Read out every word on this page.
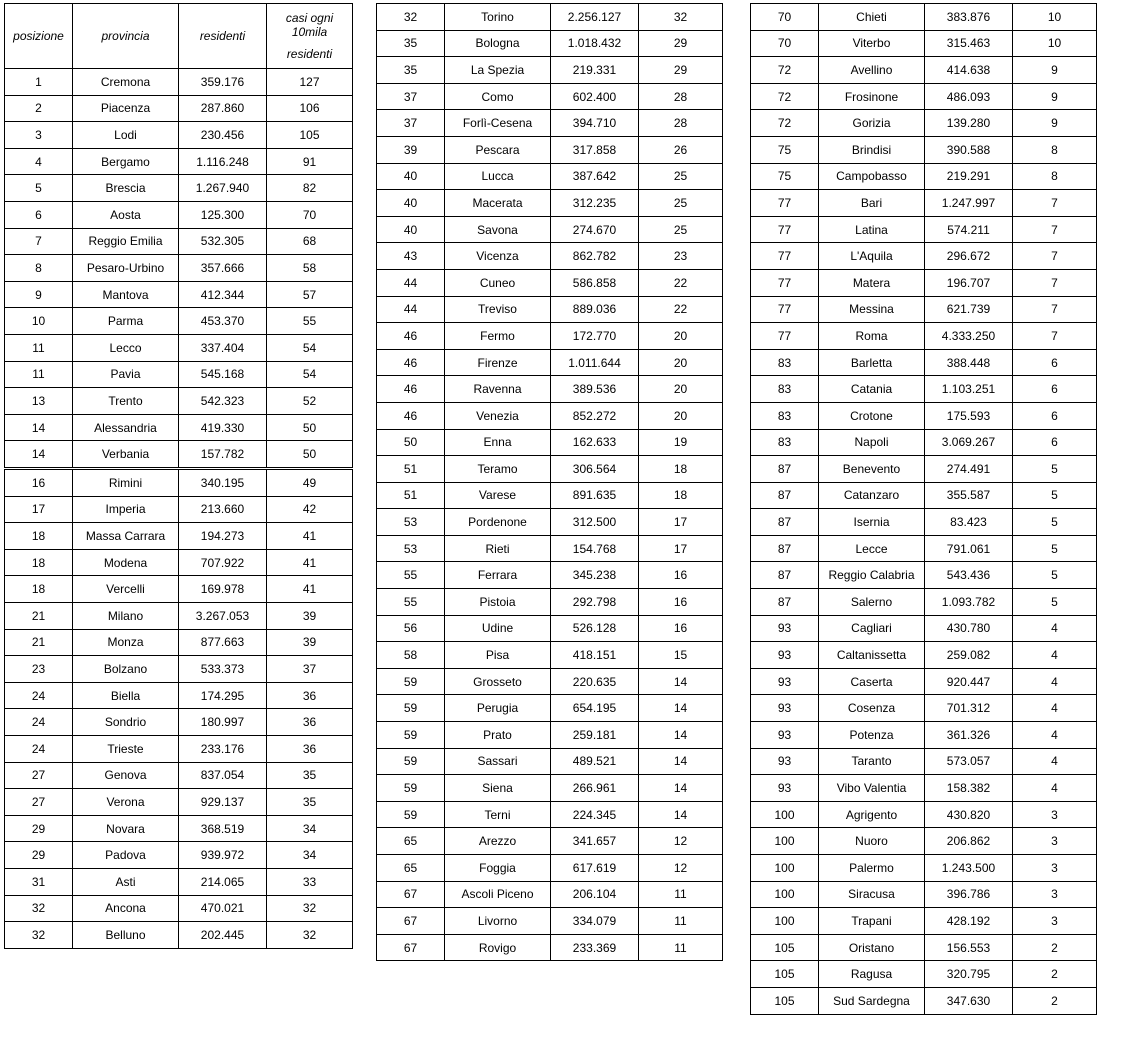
posizione	provincia	residenti	casi ogni 10mila
residenti

1	Cremona	359.176	127
2	Piacenza	287.860	106
3	Lodi	230.456	105
4	Bergamo	1.116.248	91
5	Brescia	1.267.940	82
6	Aosta	125.300	70
7	Reggio Emilia	532.305	68
8	Pesaro-Urbino	357.666	58
9	Mantova	412.344	57
10	Parma	453.370	55
11	Lecco	337.404	54
11	Pavia	545.168	54
13	Trento	542.323	52
14	Alessandria	419.330	50
14	Verbania	157.782	50
16	Rimini	340.195	49
17	Imperia	213.660	42
18	Massa Carrara	194.273	41
18	Modena	707.922	41
18	Vercelli	169.978	41
21	Milano	3.267.053	39
21	Monza	877.663	39
23	Bolzano	533.373	37
24	Biella	174.295	36
24	Sondrio	180.997	36
24	Trieste	233.176	36
27	Genova	837.054	35
27	Verona	929.137	35
29	Novara	368.519	34
29	Padova	939.972	34
31	Asti	214.065	33
32	Ancona	470.021	32
32	Belluno	202.445	32
32	Torino	2.256.127	32
35	Bologna	1.018.432	29
35	La Spezia	219.331	29
37	Como	602.400	28
37	Forlì-Cesena	394.710	28
39	Pescara	317.858	26
40	Lucca	387.642	25
40	Macerata	312.235	25
40	Savona	274.670	25
43	Vicenza	862.782	23
44	Cuneo	586.858	22
44	Treviso	889.036	22
46	Fermo	172.770	20
46	Firenze	1.011.644	20
46	Ravenna	389.536	20
46	Venezia	852.272	20
50	Enna	162.633	19
51	Teramo	306.564	18
51	Varese	891.635	18
53	Pordenone	312.500	17
53	Rieti	154.768	17
55	Ferrara	345.238	16
55	Pistoia	292.798	16
56	Udine	526.128	16
58	Pisa	418.151	15
59	Grosseto	220.635	14
59	Perugia	654.195	14
59	Prato	259.181	14
59	Sassari	489.521	14
59	Siena	266.961	14
59	Terni	224.345	14
65	Arezzo	341.657	12
65	Foggia	617.619	12
67	Ascoli Piceno	206.104	11
67	Livorno	334.079	11
67	Rovigo	233.369	11
70	Chieti	383.876	10
70	Viterbo	315.463	10
72	Avellino	414.638	9
72	Frosinone	486.093	9
72	Gorizia	139.280	9
75	Brindisi	390.588	8
75	Campobasso	219.291	8
77	Bari	1.247.997	7
77	Latina	574.211	7
77	L'Aquila	296.672	7
77	Matera	196.707	7
77	Messina	621.739	7
77	Roma	4.333.250	7
83	Barletta	388.448	6
83	Catania	1.103.251	6
83	Crotone	175.593	6
83	Napoli	3.069.267	6
87	Benevento	274.491	5
87	Catanzaro	355.587	5
87	Isernia	83.423	5
87	Lecce	791.061	5
87	Reggio Calabria	543.436	5
87	Salerno	1.093.782	5
93	Cagliari	430.780	4
93	Caltanissetta	259.082	4
93	Caserta	920.447	4
93	Cosenza	701.312	4
93	Potenza	361.326	4
93	Taranto	573.057	4
93	Vibo Valentia	158.382	4
100	Agrigento	430.820	3
100	Nuoro	206.862	3
100	Palermo	1.243.500	3
100	Siracusa	396.786	3
100	Trapani	428.192	3
105	Oristano	156.553	2
105	Ragusa	320.795	2
105	Sud Sardegna	347.630	2
